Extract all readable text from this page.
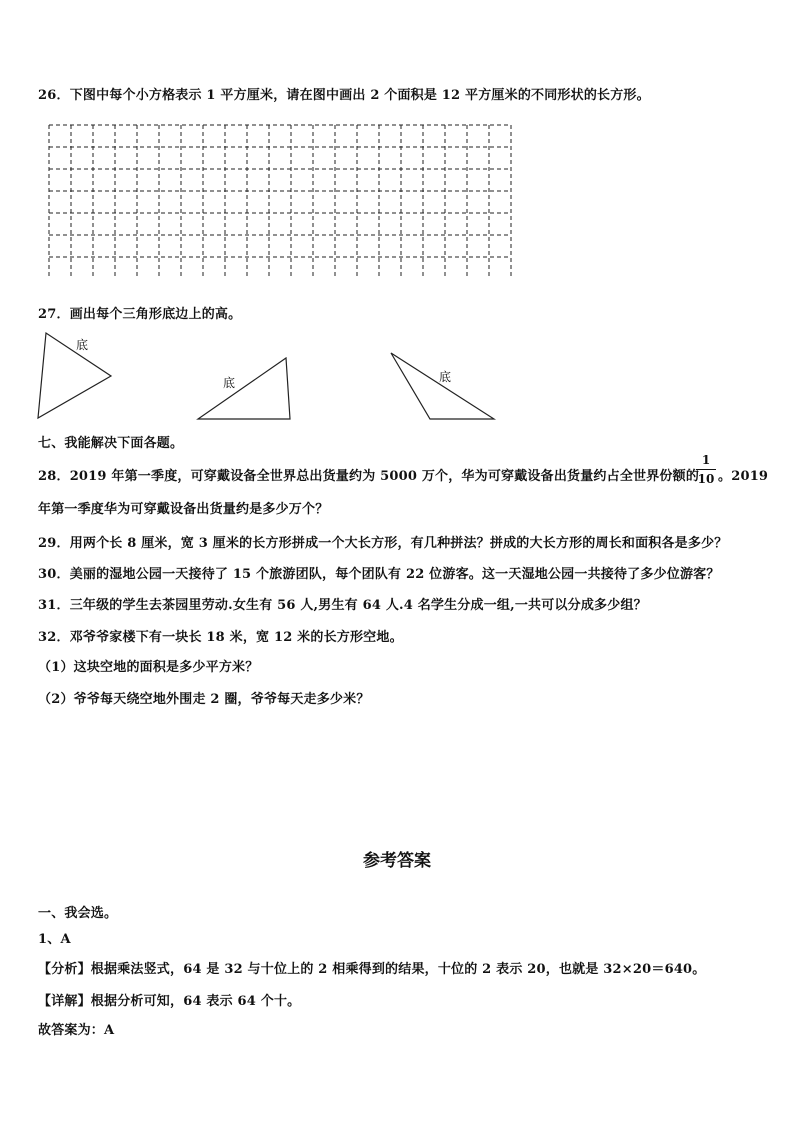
26．下图中每个小方格表示 1 平方厘米，请在图中画出 2 个面积是 12 平方厘米的不同形状的长方形。
27．画出每个三角形底边上的高。
底
底	底
七、我能解决下面各题。
28．2019 年第一季度，可穿戴设备全世界总出货量约为 5000 万个，华为可穿戴设备出货量约占全世界份额的
1
10 。2019
年第一季度华为可穿戴设备出货量约是多少万个？
29．用两个长 8 厘米，宽 3 厘米的长方形拼成一个大长方形，有几种拼法？拼成的大长方形的周长和面积各是多少？
30．美丽的湿地公园一天接待了 15 个旅游团队，每个团队有 22 位游客。这一天湿地公园一共接待了多少位游客？
31．三年级的学生去茶园里劳动.女生有 56 人,男生有 64 人.4 名学生分成一组,一共可以分成多少组？
32．邓爷爷家楼下有一块长 18 米，宽 12 米的长方形空地。
（1）这块空地的面积是多少平方米？
（2）爷爷每天绕空地外围走 2 圈，爷爷每天走多少米？
参考答案
一、我会选。
1、A
【分析】根据乘法竖式，64 是 32 与十位上的 2 相乘得到的结果，十位的 2 表示 20，也就是 32×20＝640。
【详解】根据分析可知，64 表示 64 个十。
故答案为：A
